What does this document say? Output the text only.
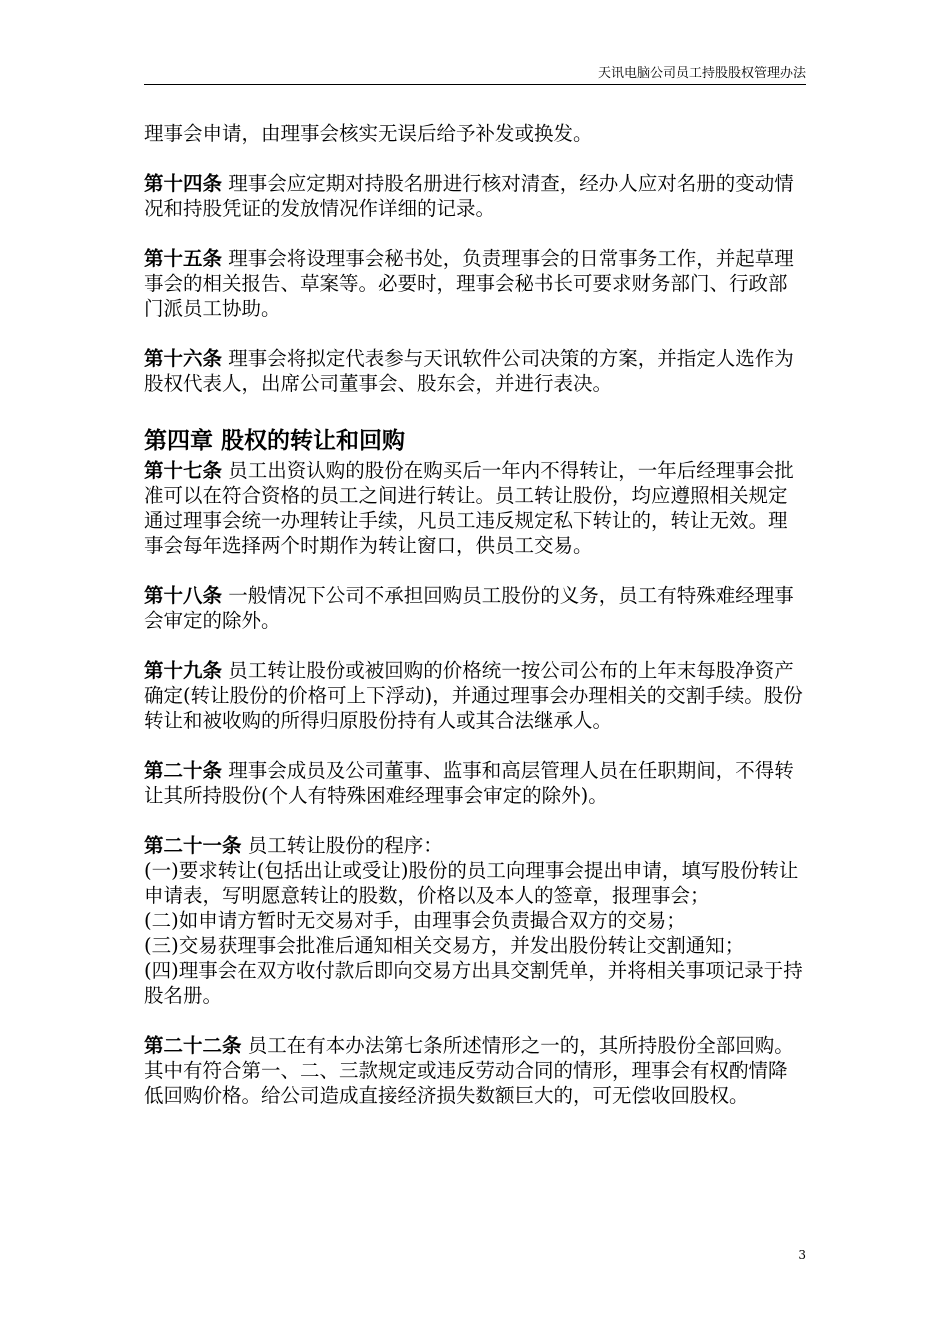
天讯电脑公司员工持股股权管理办法

理事会申请，由理事会核实无误后给予补发或换发。

第十四条 理事会应定期对持股名册进行核对清查，经办人应对名册的变动情况和持股凭证的发放情况作详细的记录。

第十五条 理事会将设理事会秘书处，负责理事会的日常事务工作，并起草理事会的相关报告、草案等。必要时，理事会秘书长可要求财务部门、行政部门派员工协助。

第十六条 理事会将拟定代表参与天讯软件公司决策的方案，并指定人选作为股权代表人，出席公司董事会、股东会，并进行表决。

第四章 股权的转让和回购

第十七条 员工出资认购的股份在购买后一年内不得转让，一年后经理事会批准可以在符合资格的员工之间进行转让。员工转让股份，均应遵照相关规定通过理事会统一办理转让手续，凡员工违反规定私下转让的，转让无效。理事会每年选择两个时期作为转让窗口，供员工交易。

第十八条 一般情况下公司不承担回购员工股份的义务，员工有特殊难经理事会审定的除外。

第十九条 员工转让股份或被回购的价格统一按公司公布的上年末每股净资产确定(转让股份的价格可上下浮动)，并通过理事会办理相关的交割手续。股份转让和被收购的所得归原股份持有人或其合法继承人。

第二十条 理事会成员及公司董事、监事和高层管理人员在任职期间，不得转让其所持股份(个人有特殊困难经理事会审定的除外)。

第二十一条 员工转让股份的程序：

(一)要求转让(包括出让或受让)股份的员工向理事会提出申请，填写股份转让申请表，写明愿意转让的股数，价格以及本人的签章，报理事会；

(二)如申请方暂时无交易对手，由理事会负责撮合双方的交易；

(三)交易获理事会批准后通知相关交易方，并发出股份转让交割通知；

(四)理事会在双方收付款后即向交易方出具交割凭单，并将相关事项记录于持股名册。

第二十二条 员工在有本办法第七条所述情形之一的，其所持股份全部回购。其中有符合第一、二、三款规定或违反劳动合同的情形，理事会有权酌情降低回购价格。给公司造成直接经济损失数额巨大的，可无偿收回股权。

3
